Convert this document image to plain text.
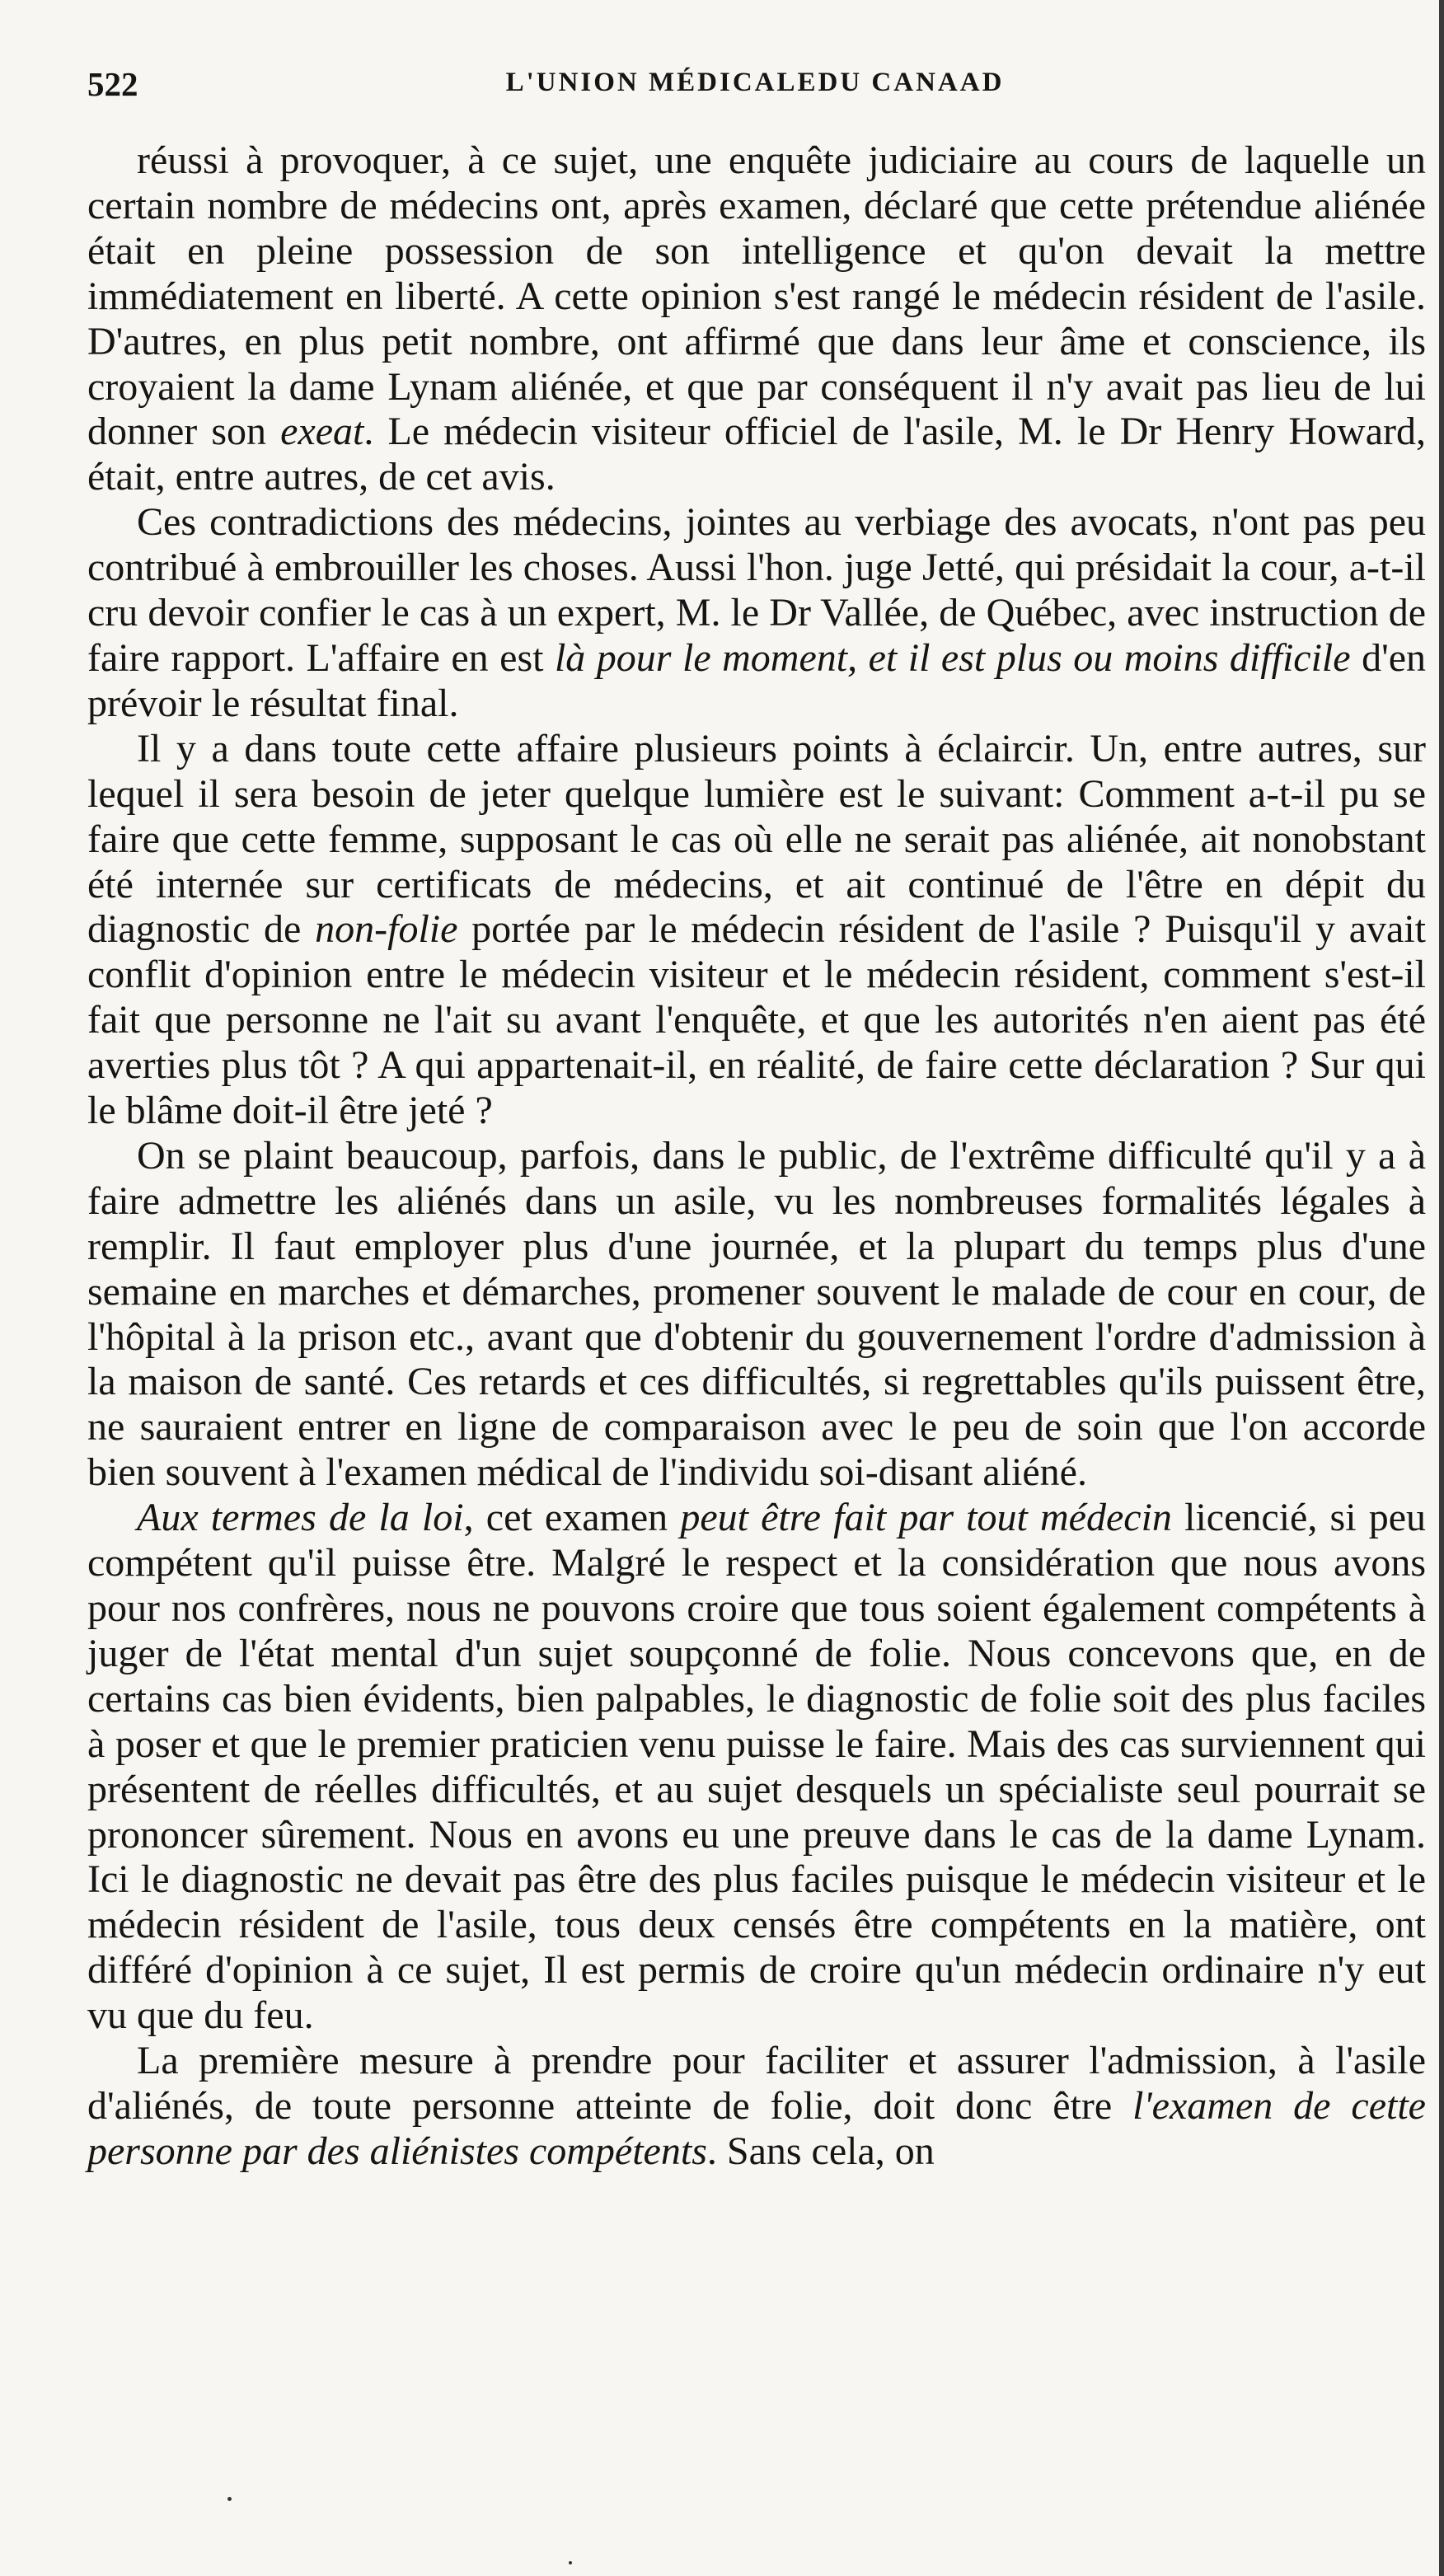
522	L'UNION MÉDICALEDU CANAAD

réussi à provoquer, à ce sujet, une enquête judiciaire au cours de laquelle un certain nombre de médecins ont, après examen, déclaré que cette prétendue aliénée était en pleine possession de son intelligence et qu'on devait la mettre immédiatement en liberté. A cette opinion s'est rangé le médecin résident de l'asile. D'autres, en plus petit nombre, ont affirmé que dans leur âme et conscience, ils croyaient la dame Lynam aliénée, et que par conséquent il n'y avait pas lieu de lui donner son exeat. Le médecin visiteur officiel de l'asile, M. le Dr Henry Howard, était, entre autres, de cet avis.

Ces contradictions des médecins, jointes au verbiage des avocats, n'ont pas peu contribué à embrouiller les choses. Aussi l'hon. juge Jetté, qui présidait la cour, a-t-il cru devoir confier le cas à un expert, M. le Dr Vallée, de Québec, avec instruction de faire rapport. L'affaire en est là pour le moment, et il est plus ou moins difficile d'en prévoir le résultat final.

Il y a dans toute cette affaire plusieurs points à éclaircir. Un, entre autres, sur lequel il sera besoin de jeter quelque lumière est le suivant: Comment a-t-il pu se faire que cette femme, supposant le cas où elle ne serait pas aliénée, ait nonobstant été internée sur certificats de médecins, et ait continué de l'être en dépit du diagnostic de non-folie portée par le médecin résident de l'asile ? Puisqu'il y avait conflit d'opinion entre le médecin visiteur et le médecin résident, comment s'est-il fait que personne ne l'ait su avant l'enquête, et que les autorités n'en aient pas été averties plus tôt ? A qui appartenait-il, en réalité, de faire cette déclaration ? Sur qui le blâme doit-il être jeté ?

On se plaint beaucoup, parfois, dans le public, de l'extrême difficulté qu'il y a à faire admettre les aliénés dans un asile, vu les nombreuses formalités légales à remplir. Il faut employer plus d'une journée, et la plupart du temps plus d'une semaine en marches et démarches, promener souvent le malade de cour en cour, de l'hôpital à la prison etc., avant que d'obtenir du gouvernement l'ordre d'admission à la maison de santé. Ces retards et ces difficultés, si regrettables qu'ils puissent être, ne sauraient entrer en ligne de comparaison avec le peu de soin que l'on accorde bien souvent à l'examen médical de l'individu soi-disant aliéné.

Aux termes de la loi, cet examen peut être fait par tout médecin licencié, si peu compétent qu'il puisse être. Malgré le respect et la considération que nous avons pour nos confrères, nous ne pouvons croire que tous soient également compétents à juger de l'état mental d'un sujet soupçonné de folie. Nous concevons que, en de certains cas bien évidents, bien palpables, le diagnostic de folie soit des plus faciles à poser et que le premier praticien venu puisse le faire. Mais des cas surviennent qui présentent de réelles difficultés, et au sujet desquels un spécialiste seul pourrait se prononcer sûrement. Nous en avons eu une preuve dans le cas de la dame Lynam. Ici le diagnostic ne devait pas être des plus faciles puisque le médecin visiteur et le médecin résident de l'asile, tous deux censés être compétents en la matière, ont différé d'opinion à ce sujet, Il est permis de croire qu'un médecin ordinaire n'y eut vu que du feu.

La première mesure à prendre pour faciliter et assurer l'admission, à l'asile d'aliénés, de toute personne atteinte de folie, doit donc être l'examen de cette personne par des aliénistes compétents. Sans cela, on
